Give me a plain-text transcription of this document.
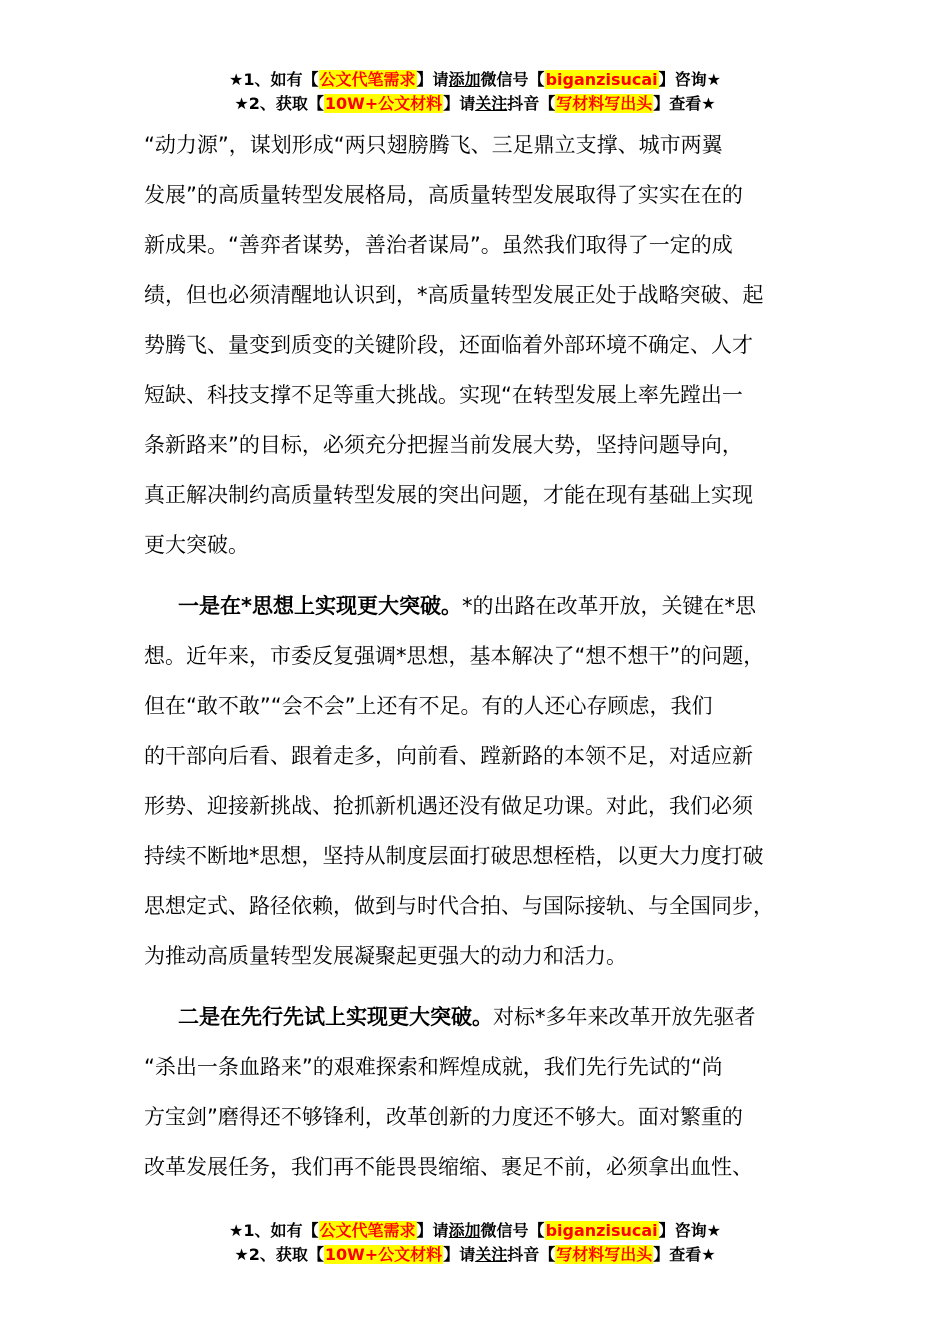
★1、如有【公文代笔需求】请添加微信号【biganzisucai】咨询★
★2、获取【10W+公文材料】请关注抖音【写材料写出头】查看★
“动力源”，谋划形成“两只翅膀腾飞、三足鼎立支撑、城市两翼
发展”的高质量转型发展格局，高质量转型发展取得了实实在在的
新成果。“善弈者谋势，善治者谋局”。虽然我们取得了一定的成
绩，但也必须清醒地认识到，*高质量转型发展正处于战略突破、起
势腾飞、量变到质变的关键阶段，还面临着外部环境不确定、人才
短缺、科技支撑不足等重大挑战。实现“在转型发展上率先蹚出一
条新路来”的目标，必须充分把握当前发展大势，坚持问题导向，
真正解决制约高质量转型发展的突出问题，才能在现有基础上实现
更大突破。
一是在*思想上实现更大突破。*的出路在改革开放，关键在*思
想。近年来，市委反复强调*思想，基本解决了“想不想干”的问题，
但在“敢不敢”“会不会”上还有不足。有的人还心存顾虑，我们
的干部向后看、跟着走多，向前看、蹚新路的本领不足，对适应新
形势、迎接新挑战、抢抓新机遇还没有做足功课。对此，我们必须
持续不断地*思想，坚持从制度层面打破思想桎梏，以更大力度打破
思想定式、路径依赖，做到与时代合拍、与国际接轨、与全国同步，
为推动高质量转型发展凝聚起更强大的动力和活力。
二是在先行先试上实现更大突破。对标*多年来改革开放先驱者
“杀出一条血路来”的艰难探索和辉煌成就，我们先行先试的“尚
方宝剑”磨得还不够锋利，改革创新的力度还不够大。面对繁重的
改革发展任务，我们再不能畏畏缩缩、裹足不前，必须拿出血性、
★1、如有【公文代笔需求】请添加微信号【biganzisucai】咨询★
★2、获取【10W+公文材料】请关注抖音【写材料写出头】查看★
